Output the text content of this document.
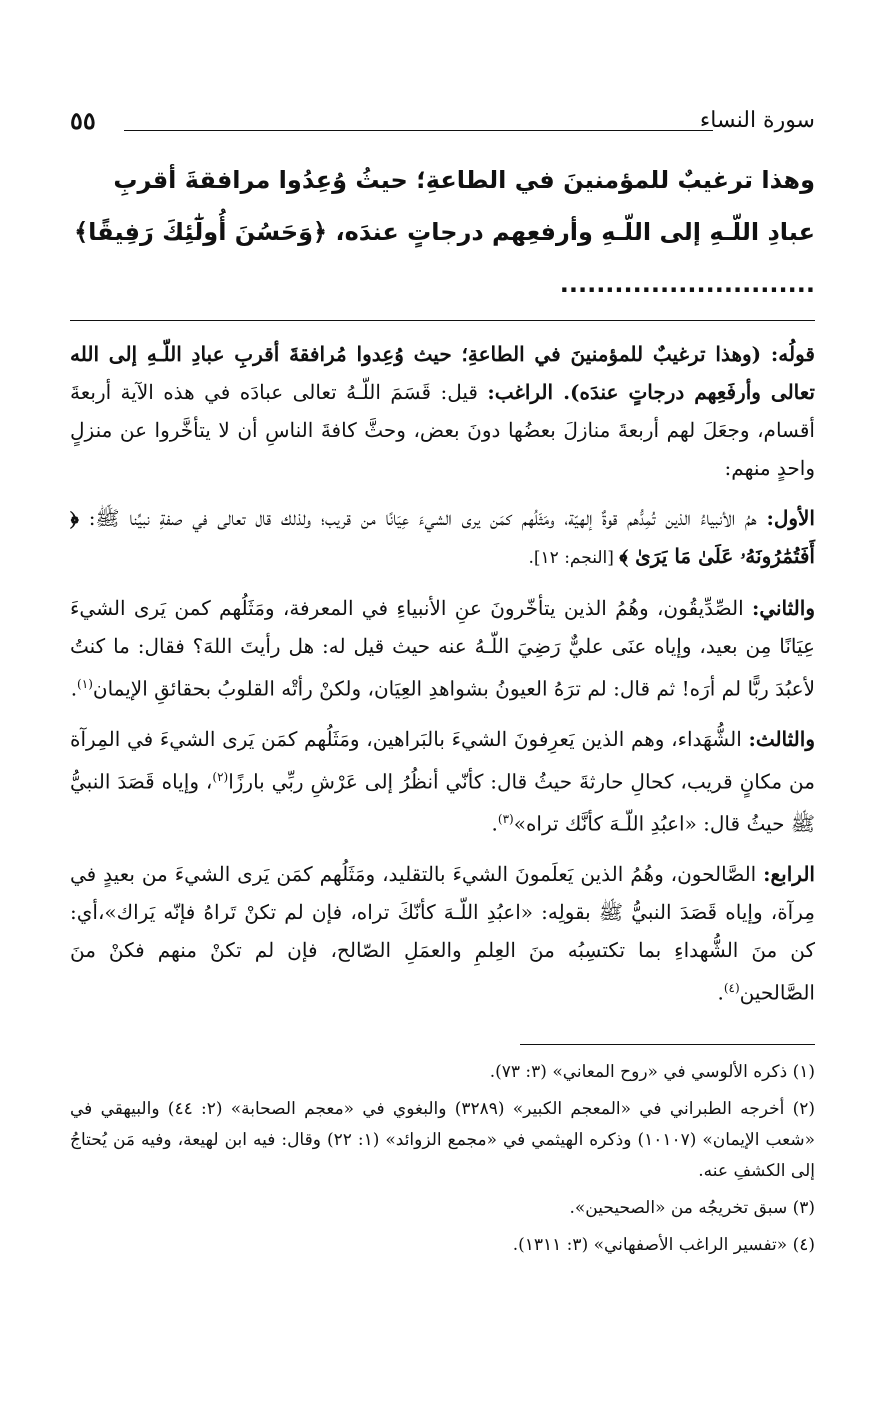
سورة النساء
٥٥
وهذا ترغيبٌ للمؤمنينَ في الطاعةِ؛ حيثُ وُعِدُوا مرافقةَ أقربِ عبادِ اللّـهِ إلى اللّـهِ وأرفعِهم درجاتٍ عندَه، ﴿وَحَسُنَ أُولَٰٓئِكَ رَفِيقًا﴾ ............................

قولُه: (وهذا ترغيبٌ للمؤمنينَ في الطاعةِ؛ حيث وُعِدوا مُرافقةَ أقربِ عبادِ اللّـهِ إلى الله تعالى وأرفَعِهم درجاتٍ عندَه). الراغب: قيل: قَسَمَ اللّـهُ تعالى عبادَه في هذه الآية أربعةَ أقسام، وجعَلَ لهم أربعةَ منازلَ بعضُها دونَ بعض، وحثَّ كافةَ الناسِ أن لا يتأخَّروا عن منزلٍ واحدٍ منهم:

الأول: همُ الأنبياءُ الذين تُمِدُّهم قوةٌ إلهيّة، ومَثَلُهم كمَن يرى الشيءَ عِيَانًا من قريب؛ ولذلك قال تعالى في صفةِ نبيِّنا ﷺ: ﴿ أَفَتُمَٰرُونَهُۥ عَلَىٰ مَا يَرَىٰ ﴾ [النجم: ١٢].

والثاني: الصِّدِّيقُون، وهُمُ الذين يتأخّرونَ عنِ الأنبياءِ في المعرفة، ومَثَلُهم كمن يَرى الشيءَ عِيَانًا مِن بعيد، وإياه عنَى عليٌّ رَضِيَ اللّـهُ عنه حيث قيل له: هل رأيتَ اللهَ؟ فقال: ما كنتُ لأعبُدَ ربًّا لم أرَه! ثم قال: لم ترَهُ العيونُ بشواهدِ العِيَان، ولكنْ رأتْه القلوبُ بحقائقِ الإيمان$^{(١)}$.

والثالث: الشُّهَداء، وهم الذين يَعرِفونَ الشيءَ بالبَراهين، ومَثَلُهم كمَن يَرى الشيءَ في المِرآة من مكانٍ قريب، كحالِ حارثةَ حيثُ قال: كأنّي أنظُرُ إلى عَرْشِ ربِّي بارزًا$^{(٢)}$، وإياه قَصَدَ النبيُّ ﷺ حيثُ قال: «اعبُدِ اللّـهَ كأنَّك تراه»$^{(٣)}$.

الرابع: الصَّالحون، وهُمُ الذين يَعلَمونَ الشيءَ بالتقليد، ومَثَلُهم كمَن يَرى الشيءَ من بعيدٍ في مِرآة، وإياه قَصَدَ النبيُّ ﷺ بقولِه: «اعبُدِ اللّـهَ كأنّكَ تراه، فإن لم تكنْ تَراهُ فإنّه يَراك»،أي: كن منَ الشُّهداءِ بما تكتسِبُه منَ العِلمِ والعمَلِ الصّالح، فإن لم تكنْ منهم فكنْ منَ الصَّالحين$^{(٤)}$.

(١) ذكره الألوسي في «روح المعاني» (٣: ٧٣).

(٢) أخرجه الطبراني في «المعجم الكبير» (٣٢٨٩) والبغوي في «معجم الصحابة» (٢: ٤٤) والبيهقي في «شعب الإيمان» (١٠١٠٧) وذكره الهيثمي في «مجمع الزوائد» (١: ٢٢) وقال: فيه ابن لهيعة، وفيه مَن يُحتاجُ إلى الكشفِ عنه.

(٣) سبق تخريجُه من «الصحيحين».

(٤) «تفسير الراغب الأصفهاني» (٣: ١٣١١).
